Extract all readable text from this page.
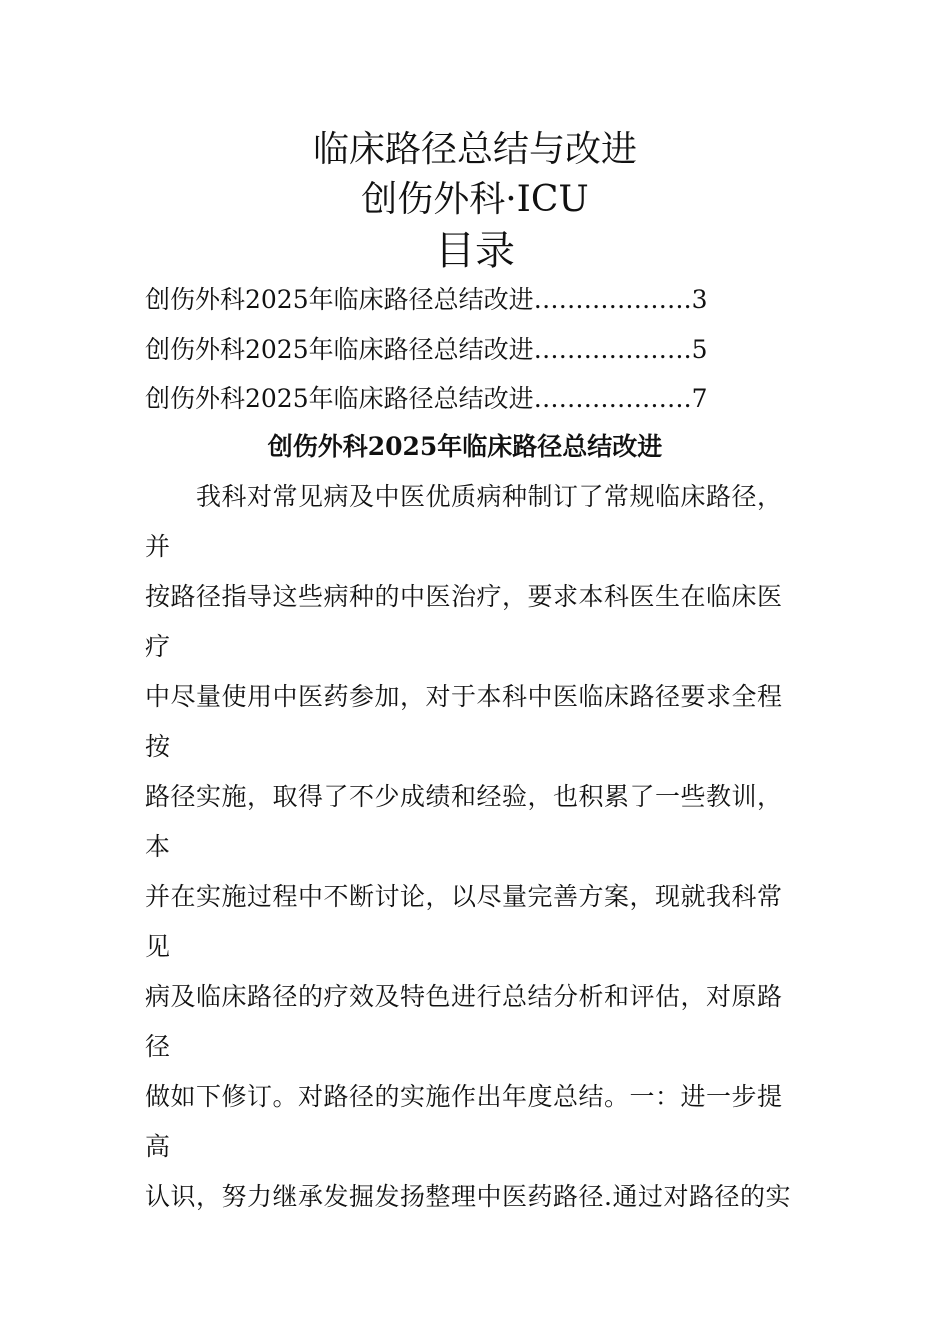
临床路径总结与改进
创伤外科·ICU
目录
创伤外科2025年临床路径总结改进……………….3
创伤外科2025年临床路径总结改进……………….5
创伤外科2025年临床路径总结改进……………….7
创伤外科2025年临床路径总结改进
　　我科对常见病及中医优质病种制订了常规临床路径，
并
按路径指导这些病种的中医治疗，要求本科医生在临床医
疗
中尽量使用中医药参加，对于本科中医临床路径要求全程
按
路径实施，取得了不少成绩和经验，也积累了一些教训，
本
并在实施过程中不断讨论，以尽量完善方案，现就我科常
见
病及临床路径的疗效及特色进行总结分析和评估，对原路
径
做如下修订。对路径的实施作出年度总结。一：进一步提
高
认识，努力继承发掘发扬整理中医药路径.通过对路径的实
